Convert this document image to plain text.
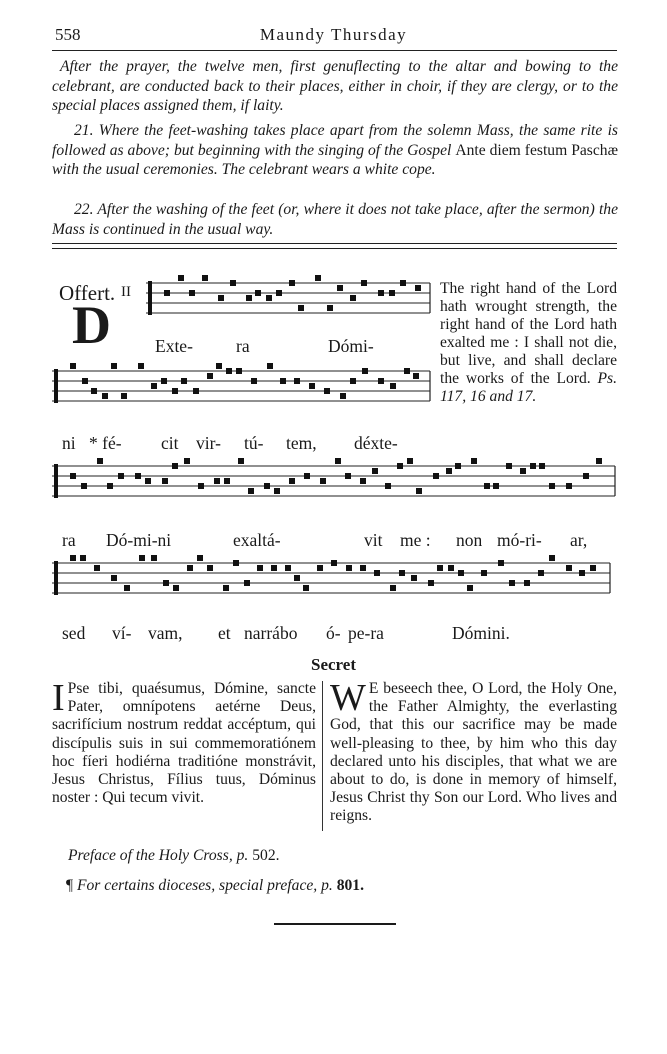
558	Maundy Thursday
After the prayer, the twelve men, first genuflecting to the altar and bowing to the celebrant, are conducted back to their places, either in choir, if they are clergy, or to the special places assigned them, if laity.
21. Where the feet-washing takes place apart from the solemn Mass, the same rite is followed as above; but beginning with the singing of the Gospel Ante diem festum Paschæ with the usual ceremonies. The celebrant wears a white cope.
22. After the washing of the feet (or, where it does not take place, after the sermon) the Mass is continued in the usual way.
Offert. II
D
The right hand of the Lord hath wrought strength, the right hand of the Lord hath exalted me : I shall not die, but live, and shall declare the works of the Lord. Ps. 117, 16 and 17.
Exte- ra	Dómi-
ni * fé- cit vir- tú- tem, déxte-
ra Dó-mi-ni	exaltá-	vit me : non mó-ri- ar,
sed ví- vam, et narrábo ó- pe-ra	Dómini.
Secret
I Pse tibi, quaésumus, Dómine, sancte Pater, omnípotens aetérne Deus, sacrifícium nostrum reddat accéptum, qui discípulis suis in sui commemoratiónem hoc fíeri hodiérna traditióne monstrávit, Jesus Christus, Fílius tuus, Dóminus noster : Qui tecum vivit.
W E beseech thee, O Lord, the Holy One, the Father Almighty, the everlasting God, that this our sacrifice may be made well-pleasing to thee, by him who this day declared unto his disciples, that what we are about to do, is done in memory of himself, Jesus Christ thy Son our Lord. Who lives and reigns.
Preface of the Holy Cross, p. 502.
¶ For certains dioceses, special preface, p. 801.
